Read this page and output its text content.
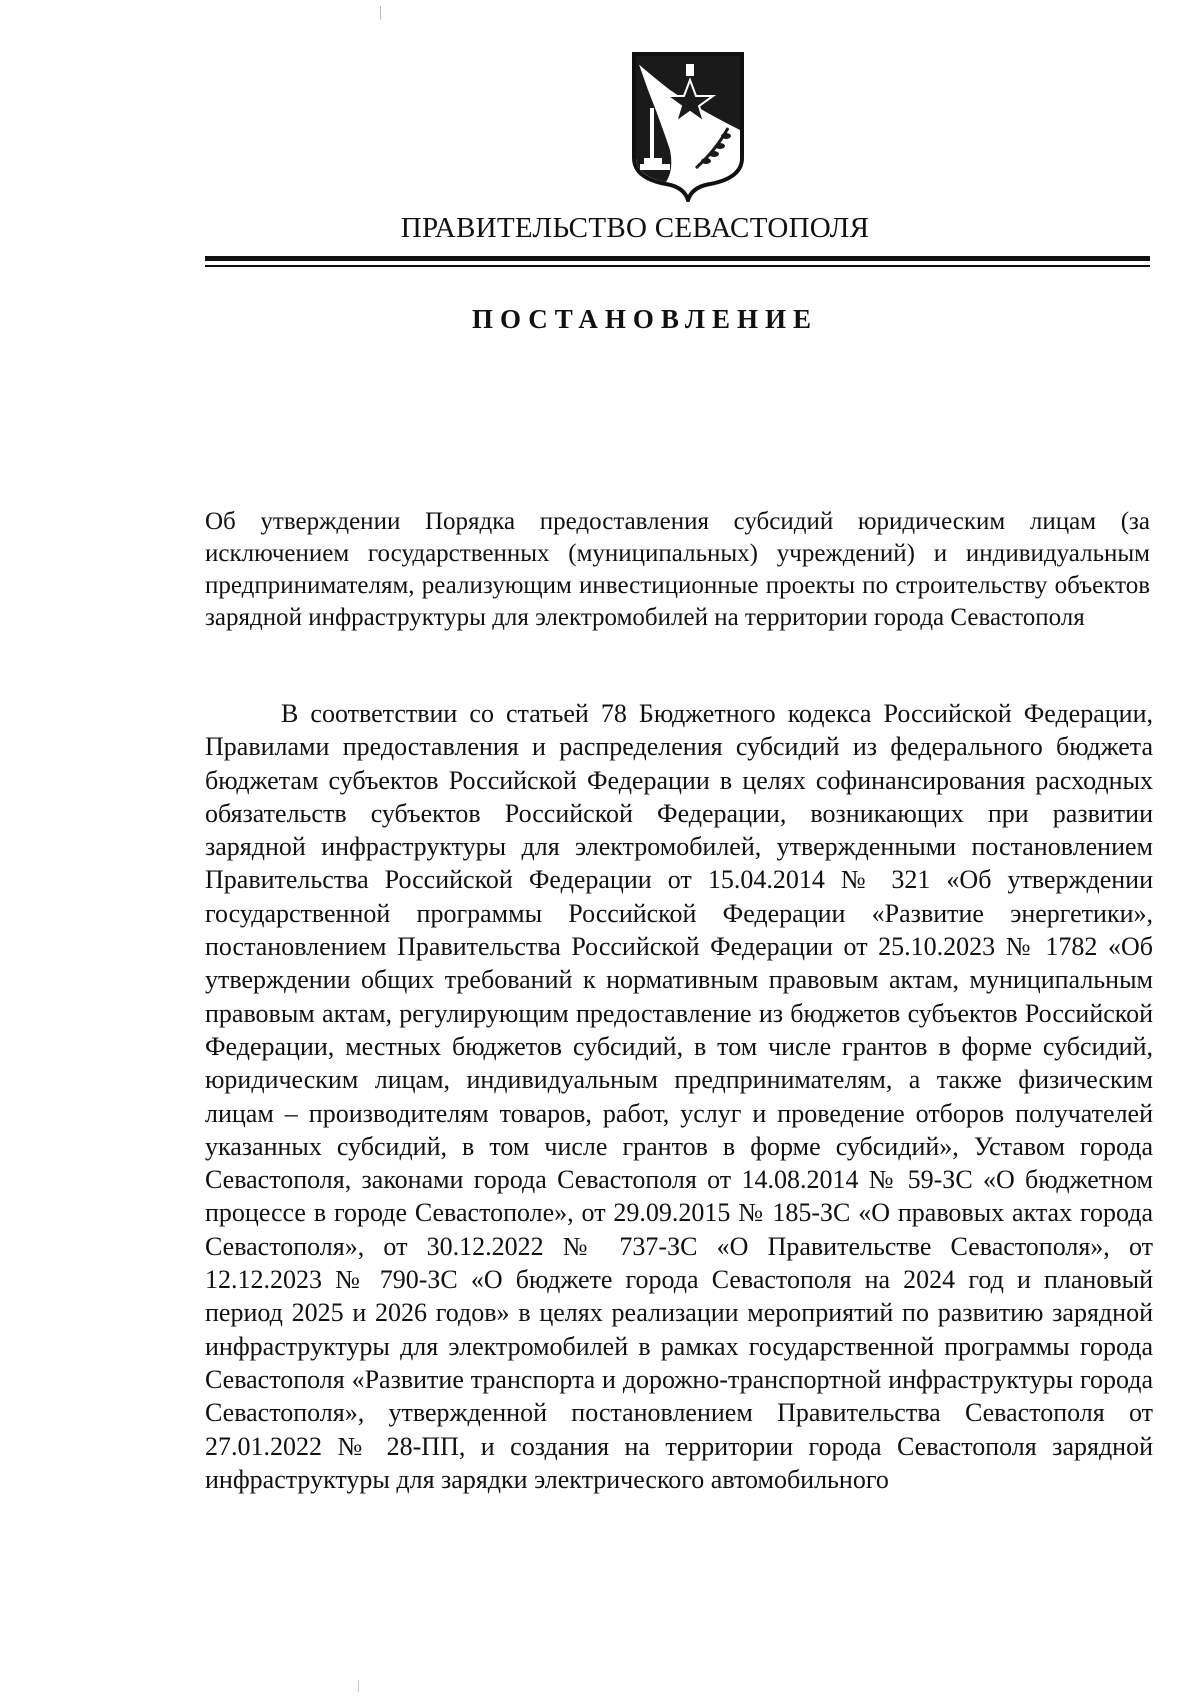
ПРАВИТЕЛЬСТВО СЕВАСТОПОЛЯ
ПОСТАНОВЛЕНИЕ
Об утверждении Порядка предоставления субсидий юридическим лицам (за исключением государственных (муниципальных) учреждений) и индивидуальным предпринимателям, реализующим инвестиционные проекты по строительству объектов зарядной инфраструктуры для электромобилей на территории города Севастополя

В соответствии со статьей 78 Бюджетного кодекса Российской Федерации, Правилами предоставления и распределения субсидий из федерального бюджета бюджетам субъектов Российской Федерации в целях софинансирования расходных обязательств субъектов Российской Федерации, возникающих при развитии зарядной инфраструктуры для электромобилей, утвержденными постановлением Правительства Российской Федерации от 15.04.2014 № 321 «Об утверждении государственной программы Российской Федерации «Развитие энергетики», постановлением Правительства Российской Федерации от 25.10.2023 № 1782 «Об утверждении общих требований к нормативным правовым актам, муниципальным правовым актам, регулирующим предоставление из бюджетов субъектов Российской Федерации, местных бюджетов субсидий, в том числе грантов в форме субсидий, юридическим лицам, индивидуальным предпринимателям, а также физическим лицам – производителям товаров, работ, услуг и проведение отборов получателей указанных субсидий, в том числе грантов в форме субсидий», Уставом города Севастополя, законами города Севастополя от 14.08.2014 № 59-ЗС «О бюджетном процессе в городе Севастополе», от 29.09.2015 № 185-ЗС «О правовых актах города Севастополя», от 30.12.2022 № 737-ЗС «О Правительстве Севастополя», от 12.12.2023 № 790-ЗС «О бюджете города Севастополя на 2024 год и плановый период 2025 и 2026 годов» в целях реализации мероприятий по развитию зарядной инфраструктуры для электромобилей в рамках государственной программы города Севастополя «Развитие транспорта и дорожно-транспортной инфраструктуры города Севастополя», утвержденной постановлением Правительства Севастополя от 27.01.2022 № 28-ПП, и создания на территории города Севастополя зарядной инфраструктуры для зарядки электрического автомобильного
